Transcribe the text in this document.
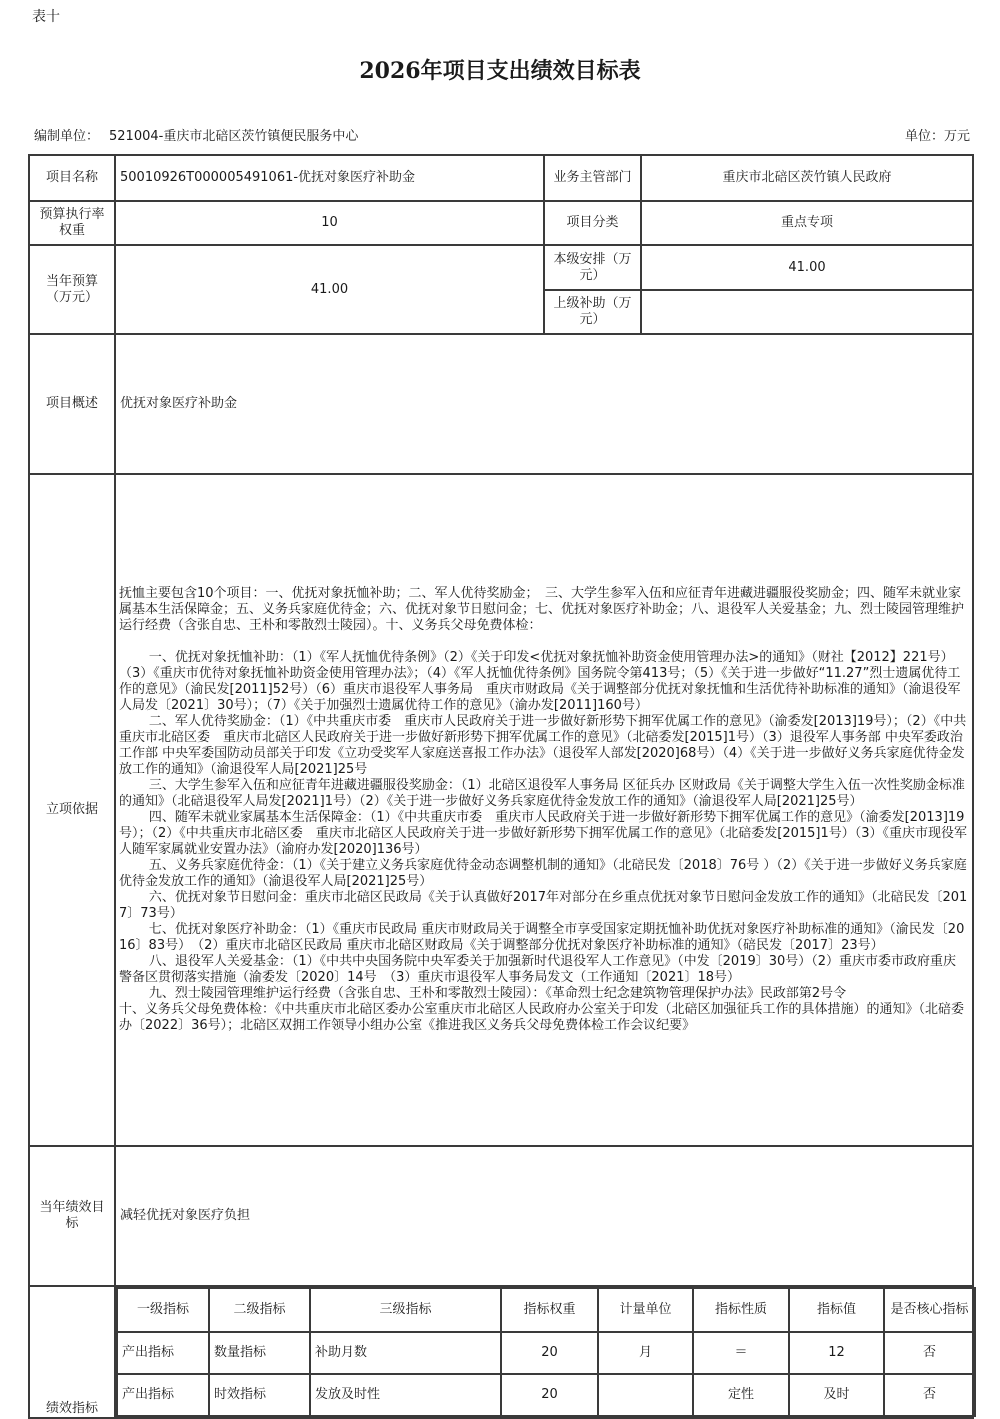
表十
2026年项目支出绩效目标表
编制单位： 521004-重庆市北碚区茨竹镇便民服务中心	单位：万元
项目名称	50010926T000005491061-优抚对象医疗补助金	业务主管部门	重庆市北碚区茨竹镇人民政府
预算执行率权重	10	项目分类	重点专项
当年预算（万元）	41.00	本级安排（万元）	41.00
上级补助（万元）	
项目概述	优抚对象医疗补助金
立项依据	

抚恤主要包含10个项目：一、优抚对象抚恤补助；二、军人优待奖励金；　三、大学生参军入伍和应征青年进藏进疆服役奖励金；四、随军未就业家属基本生活保障金；五、义务兵家庭优待金；六、优抚对象节日慰问金；七、优抚对象医疗补助金；八、退役军人关爱基金；九、烈士陵园管理维护运行经费（含张自忠、王朴和零散烈士陵园）。十、义务兵父母免费体检：

一、优抚对象抚恤补助：（1）《军人抚恤优待条例》（2）《关于印发<优抚对象抚恤补助资金使用管理办法>的通知》（财社【2012】221号）（3）《重庆市优待对象抚恤补助资金使用管理办法》；（4）《军人抚恤优待条例》国务院令第413号；（5）《关于进一步做好“11.27”烈士遗属优待工作的意见》（渝民发[2011]52号）（6）重庆市退役军人事务局　重庆市财政局《关于调整部分优抚对象抚恤和生活优待补助标准的通知》（渝退役军人局发〔2021〕30号）；（7）《关于加强烈士遗属优待工作的意见》（渝办发[2011]160号）

二、军人优待奖励金：（1）《中共重庆市委　重庆市人民政府关于进一步做好新形势下拥军优属工作的意见》（渝委发[2013]19号）；（2）《中共重庆市北碚区委　重庆市北碚区人民政府关于进一步做好新形势下拥军优属工作的意见》（北碚委发[2015]1号）（3）退役军人事务部 中央军委政治工作部 中央军委国防动员部关于印发《立功受奖军人家庭送喜报工作办法》（退役军人部发[2020]68号）（4）《关于进一步做好义务兵家庭优待金发放工作的通知》（渝退役军人局[2021]25号

三、大学生参军入伍和应征青年进藏进疆服役奖励金：（1）北碚区退役军人事务局 区征兵办 区财政局《关于调整大学生入伍一次性奖励金标准的通知》（北碚退役军人局发[2021]1号）（2）《关于进一步做好义务兵家庭优待金发放工作的通知》（渝退役军人局[2021]25号）

四、随军未就业家属基本生活保障金：（1）《中共重庆市委　重庆市人民政府关于进一步做好新形势下拥军优属工作的意见》（渝委发[2013]19号）；（2）《中共重庆市北碚区委　重庆市北碚区人民政府关于进一步做好新形势下拥军优属工作的意见》（北碚委发[2015]1号）（3）《重庆市现役军人随军家属就业安置办法》（渝府办发[2020]136号）

五、义务兵家庭优待金：（1）《关于建立义务兵家庭优待金动态调整机制的通知》（北碚民发〔2018〕76号 ）（2）《关于进一步做好义务兵家庭优待金发放工作的通知》（渝退役军人局[2021]25号）

六、优抚对象节日慰问金：重庆市北碚区民政局《关于认真做好2017年对部分在乡重点优抚对象节日慰问金发放工作的通知》（北碚民发〔2017〕73号）

七、优抚对象医疗补助金：（1）《重庆市民政局 重庆市财政局关于调整全市享受国家定期抚恤补助优抚对象医疗补助标准的通知》（渝民发〔2016〕83号）　（2）重庆市北碚区民政局 重庆市北碚区财政局《关于调整部分优抚对象医疗补助标准的通知》（碚民发〔2017〕23号）

八、退役军人关爱基金：（1）《中共中央国务院中央军委关于加强新时代退役军人工作意见》（中发〔2019〕30号）（2）重庆市委市政府重庆警备区贯彻落实措施（渝委发〔2020〕14号　（3）重庆市退役军人事务局发文（工作通知〔2021〕18号）

九、烈士陵园管理维护运行经费（含张自忠、王朴和零散烈士陵园）：《革命烈士纪念建筑物管理保护办法》民政部第2号令

十、义务兵父母免费体检：《中共重庆市北碚区委办公室重庆市北碚区人民政府办公室关于印发（北碚区加强征兵工作的具体措施）的通知》（北碚委办〔2022〕36号）；北碚区双拥工作领导小组办公室《推进我区义务兵父母免费体检工作会议纪要》

当年绩效目标	减轻优抚对象医疗负担
绩效指标	
一级指标	二级指标	三级指标	指标权重	计量单位	指标性质	指标值	是否核心指标
产出指标	数量指标	补助月数	20	月	＝	12	否
产出指标	时效指标	发放及时性	20		定性	及时	否
